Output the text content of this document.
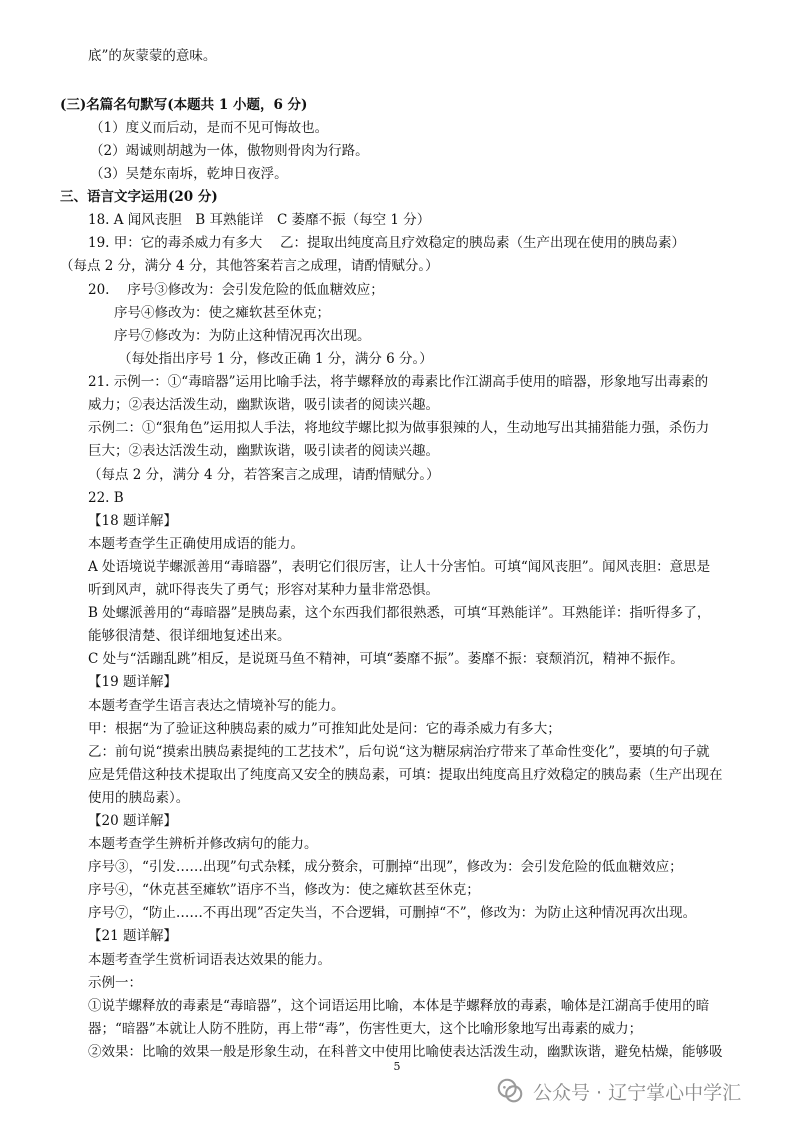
底”的灰蒙蒙的意味。
(三)名篇名句默写(本题共 1 小题，6 分)
（1）度义而后动，是而不见可悔故也。
（2）竭诚则胡越为一体，傲物则骨肉为行路。
（3）吴楚东南坼，乾坤日夜浮。
三、语言文字运用(20 分)
18. A 闻风丧胆　B 耳熟能详　C 萎靡不振（每空 1 分）
19. 甲：它的毒杀威力有多大　 乙：提取出纯度高且疗效稳定的胰岛素（生产出现在使用的胰岛素）
（每点 2 分，满分 4 分，其他答案若言之成理，请酌情赋分。）
20.　 序号③修改为：会引发危险的低血糖效应；
序号④修改为：使之瘫软甚至休克；
序号⑦修改为：为防止这种情况再次出现。
（每处指出序号 1 分，修改正确 1 分，满分 6 分。）
21. 示例一：①“毒暗器”运用比喻手法，将芋螺释放的毒素比作江湖高手使用的暗器，形象地写出毒素的
威力；②表达活泼生动，幽默诙谐，吸引读者的阅读兴趣。
示例二：①“狠角色”运用拟人手法，将地纹芋螺比拟为做事狠辣的人，生动地写出其捕猎能力强，杀伤力
巨大；②表达活泼生动，幽默诙谐，吸引读者的阅读兴趣。
（每点 2 分，满分 4 分，若答案言之成理，请酌情赋分。）
22. B
【18 题详解】
本题考查学生正确使用成语的能力。
A 处语境说芋螺派善用“毒暗器”，表明它们很厉害，让人十分害怕。可填“闻风丧胆”。闻风丧胆：意思是
听到风声，就吓得丧失了勇气；形容对某种力量非常恐惧。
B 处螺派善用的“毒暗器”是胰岛素，这个东西我们都很熟悉，可填“耳熟能详”。耳熟能详：指听得多了，
能够很清楚、很详细地复述出来。
C 处与“活蹦乱跳”相反，是说斑马鱼不精神，可填“萎靡不振”。萎靡不振：衰颓消沉，精神不振作。
【19 题详解】
本题考查学生语言表达之情境补写的能力。
甲：根据“为了验证这种胰岛素的威力”可推知此处是问：它的毒杀威力有多大；
乙：前句说“摸索出胰岛素提纯的工艺技术”，后句说“这为糖尿病治疗带来了革命性变化”，要填的句子就
应是凭借这种技术提取出了纯度高又安全的胰岛素，可填：提取出纯度高且疗效稳定的胰岛素（生产出现在
使用的胰岛素）。
【20 题详解】
本题考查学生辨析并修改病句的能力。
序号③，“引发……出现”句式杂糅，成分赘余，可删掉“出现”，修改为：会引发危险的低血糖效应；
序号④，“休克甚至瘫软”语序不当，修改为：使之瘫软甚至休克；
序号⑦，“防止……不再出现”否定失当，不合逻辑，可删掉“不”，修改为：为防止这种情况再次出现。
【21 题详解】
本题考查学生赏析词语表达效果的能力。
示例一：
①说芋螺释放的毒素是“毒暗器”，这个词语运用比喻，本体是芋螺释放的毒素，喻体是江湖高手使用的暗
器；“暗器”本就让人防不胜防，再上带“毒”，伤害性更大，这个比喻形象地写出毒素的威力；
②效果：比喻的效果一般是形象生动，在科普文中使用比喻使表达活泼生动，幽默诙谐，避免枯燥，能够吸
5
公众号 · 辽宁掌心中学汇
